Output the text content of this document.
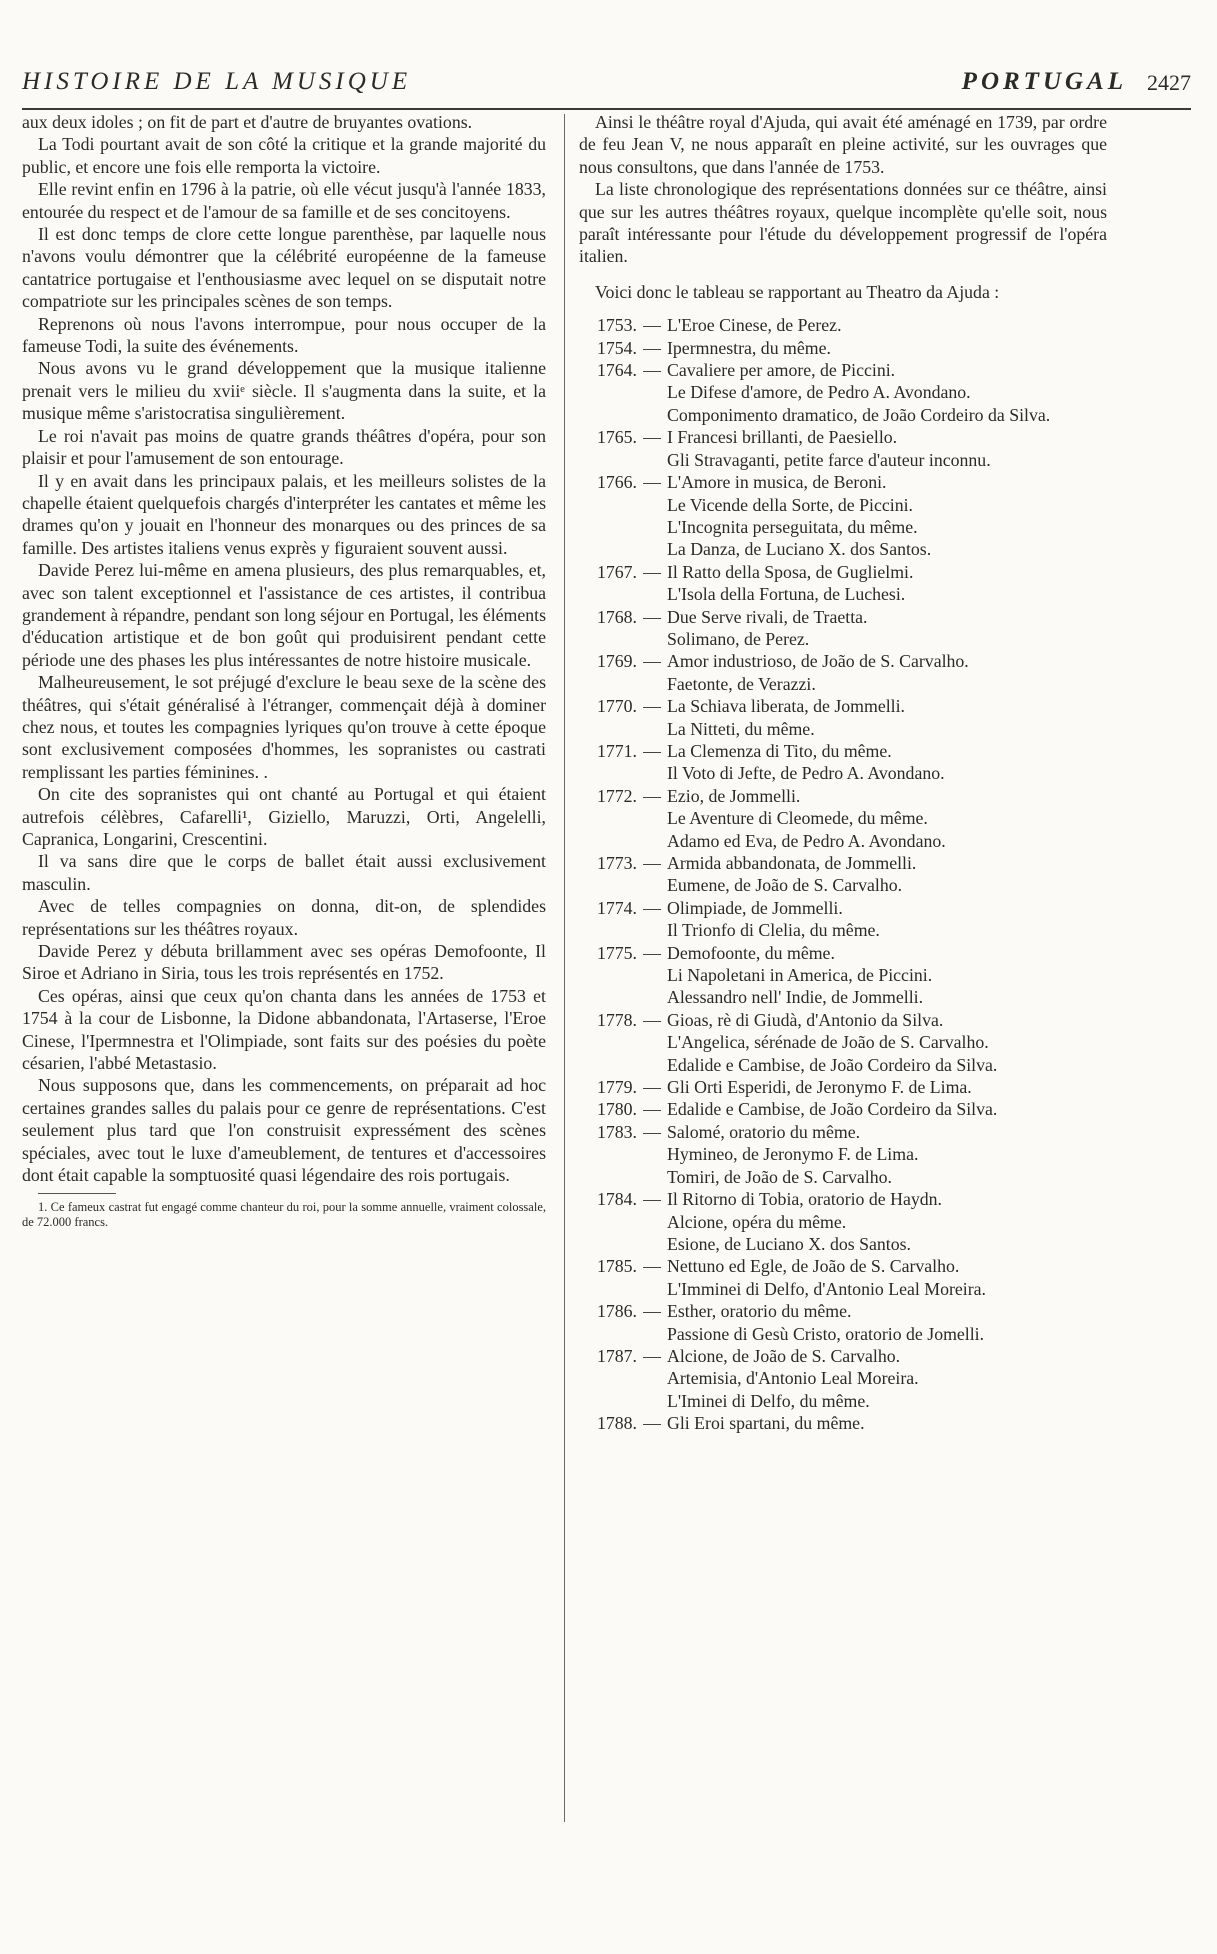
HISTOIRE DE LA MUSIQUE	PORTUGAL 2427

aux deux idoles ; on fit de part et d'autre de bruyantes ovations.

La Todi pourtant avait de son côté la critique et la grande majorité du public, et encore une fois elle remporta la victoire.

Elle revint enfin en 1796 à la patrie, où elle vécut jusqu'à l'année 1833, entourée du respect et de l'amour de sa famille et de ses concitoyens.

Il est donc temps de clore cette longue parenthèse, par laquelle nous n'avons voulu démontrer que la célébrité européenne de la fameuse cantatrice portugaise et l'enthousiasme avec lequel on se disputait notre compatriote sur les principales scènes de son temps.

Reprenons où nous l'avons interrompue, pour nous occuper de la fameuse Todi, la suite des événements.

Nous avons vu le grand développement que la musique italienne prenait vers le milieu du xviiᵉ siècle. Il s'augmenta dans la suite, et la musique même s'aristocratisa singulièrement.

Le roi n'avait pas moins de quatre grands théâtres d'opéra, pour son plaisir et pour l'amusement de son entourage.

Il y en avait dans les principaux palais, et les meilleurs solistes de la chapelle étaient quelquefois chargés d'interpréter les cantates et même les drames qu'on y jouait en l'honneur des monarques ou des princes de sa famille. Des artistes italiens venus exprès y figuraient souvent aussi.

Davide Perez lui-même en amena plusieurs, des plus remarquables, et, avec son talent exceptionnel et l'assistance de ces artistes, il contribua grandement à répandre, pendant son long séjour en Portugal, les éléments d'éducation artistique et de bon goût qui produisirent pendant cette période une des phases les plus intéressantes de notre histoire musicale.

Malheureusement, le sot préjugé d'exclure le beau sexe de la scène des théâtres, qui s'était généralisé à l'étranger, commençait déjà à dominer chez nous, et toutes les compagnies lyriques qu'on trouve à cette époque sont exclusivement composées d'hommes, les sopranistes ou castrati remplissant les parties féminines. .

On cite des sopranistes qui ont chanté au Portugal et qui étaient autrefois célèbres, Cafarelli¹, Giziello, Maruzzi, Orti, Angelelli, Capranica, Longarini, Crescentini.

Il va sans dire que le corps de ballet était aussi exclusivement masculin.

Avec de telles compagnies on donna, dit-on, de splendides représentations sur les théâtres royaux.

Davide Perez y débuta brillamment avec ses opéras Demofoonte, Il Siroe et Adriano in Siria, tous les trois représentés en 1752.

Ces opéras, ainsi que ceux qu'on chanta dans les années de 1753 et 1754 à la cour de Lisbonne, la Didone abbandonata, l'Artaserse, l'Eroe Cinese, l'Ipermnestra et l'Olimpiade, sont faits sur des poésies du poète césarien, l'abbé Metastasio.

Nous supposons que, dans les commencements, on préparait ad hoc certaines grandes salles du palais pour ce genre de représentations. C'est seulement plus tard que l'on construisit expressément des scènes spéciales, avec tout le luxe d'ameublement, de tentures et d'accessoires dont était capable la somptuosité quasi légendaire des rois portugais.

1. Ce fameux castrat fut engagé comme chanteur du roi, pour la somme annuelle, vraiment colossale, de 72.000 francs.

Ainsi le théâtre royal d'Ajuda, qui avait été aménagé en 1739, par ordre de feu Jean V, ne nous apparaît en pleine activité, sur les ouvrages que nous consultons, que dans l'année de 1753.

La liste chronologique des représentations données sur ce théâtre, ainsi que sur les autres théâtres royaux, quelque incomplète qu'elle soit, nous paraît intéressante pour l'étude du développement progressif de l'opéra italien.

Voici donc le tableau se rapportant au Theatro da Ajuda :

1753. — L'Eroe Cinese, de Perez.

1754. — Ipermnestra, du même.

1764. — Cavaliere per amore, de Piccini.

Le Difese d'amore, de Pedro A. Avondano.

Componimento dramatico, de João Cordeiro da Silva.

1765. — I Francesi brillanti, de Paesiello.

Gli Stravaganti, petite farce d'auteur inconnu.

1766. — L'Amore in musica, de Beroni.

Le Vicende della Sorte, de Piccini.

L'Incognita perseguitata, du même.

La Danza, de Luciano X. dos Santos.

1767. — Il Ratto della Sposa, de Guglielmi.

L'Isola della Fortuna, de Luchesi.

1768. — Due Serve rivali, de Traetta.

Solimano, de Perez.

1769. — Amor industrioso, de João de S. Carvalho.

Faetonte, de Verazzi.

1770. — La Schiava liberata, de Jommelli.

La Nitteti, du même.

1771. — La Clemenza di Tito, du même.

Il Voto di Jefte, de Pedro A. Avondano.

1772. — Ezio, de Jommelli.

Le Aventure di Cleomede, du même.

Adamo ed Eva, de Pedro A. Avondano.

1773. — Armida abbandonata, de Jommelli.

Eumene, de João de S. Carvalho.

1774. — Olimpiade, de Jommelli.

Il Trionfo di Clelia, du même.

1775. — Demofoonte, du même.

Li Napoletani in America, de Piccini.

Alessandro nell' Indie, de Jommelli.

1778. — Gioas, rè di Giudà, d'Antonio da Silva.

L'Angelica, sérénade de João de S. Carvalho.

Edalide e Cambise, de João Cordeiro da Silva.

1779. — Gli Orti Esperidi, de Jeronymo F. de Lima.

1780. — Edalide e Cambise, de João Cordeiro da Silva.

1783. — Salomé, oratorio du même.

Hymineo, de Jeronymo F. de Lima.

Tomiri, de João de S. Carvalho.

1784. — Il Ritorno di Tobia, oratorio de Haydn.

Alcione, opéra du même.

Esione, de Luciano X. dos Santos.

1785. — Nettuno ed Egle, de João de S. Carvalho.

L'Imminei di Delfo, d'Antonio Leal Moreira.

1786. — Esther, oratorio du même.

Passione di Gesù Cristo, oratorio de Jomelli.

1787. — Alcione, de João de S. Carvalho.

Artemisia, d'Antonio Leal Moreira.

L'Iminei di Delfo, du même.

1788. — Gli Eroi spartani, du même.
